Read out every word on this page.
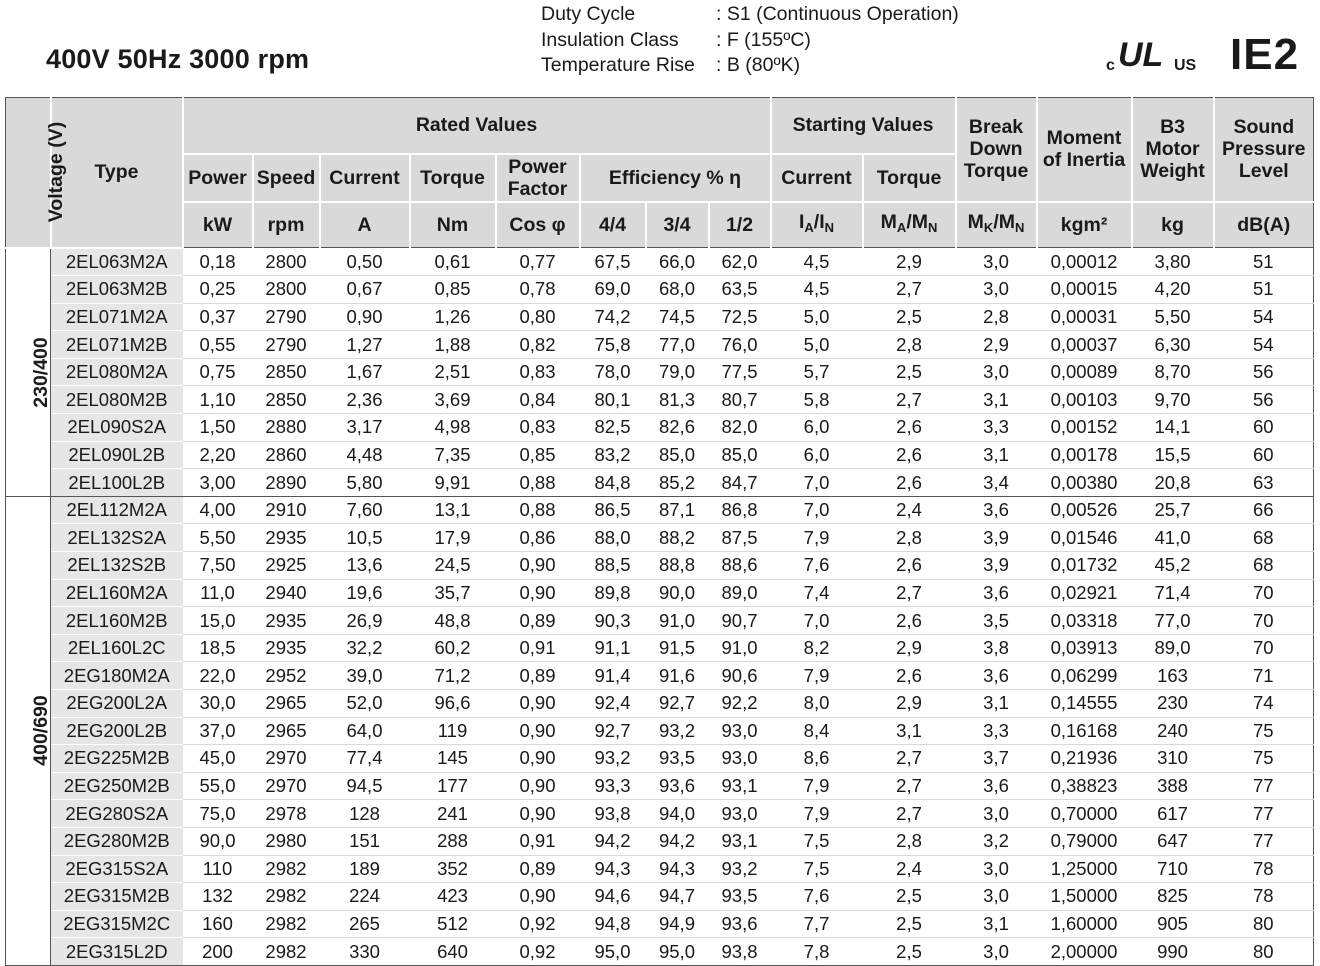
400V 50Hz 3000 rpm
Duty Cycle	: S1 (Continuous Operation)
Insulation Class	: F (155ºC)
Temperature Rise	: B (80ºK)	c UL US IE2
Voltage (V)	Type	Rated Values								Starting Values		Break Down Torque	Moment of Inertia	B3 Motor Weight	Sound Pressure Level
		Power	Speed	Current	Torque	Power Factor	Efficiency % η			Current	Torque				
		kW	rpm	A	Nm	Cos φ	4/4	3/4	1/2	$I_A/I_N$	$M_A/M_N$	$M_K/M_N$	kgm²	kg	dB(A)
230/400	2EL063M2A	0,18	2800	0,50	0,61	0,77	67,5	66,0	62,0	4,5	2,9	3,0	0,00012	3,80	51
	2EL063M2B	0,25	2800	0,67	0,85	0,78	69,0	68,0	63,5	4,5	2,7	3,0	0,00015	4,20	51
	2EL071M2A	0,37	2790	0,90	1,26	0,80	74,2	74,5	72,5	5,0	2,5	2,8	0,00031	5,50	54
	2EL071M2B	0,55	2790	1,27	1,88	0,82	75,8	77,0	76,0	5,0	2,8	2,9	0,00037	6,30	54
	2EL080M2A	0,75	2850	1,67	2,51	0,83	78,0	79,0	77,5	5,7	2,5	3,0	0,00089	8,70	56
	2EL080M2B	1,10	2850	2,36	3,69	0,84	80,1	81,3	80,7	5,8	2,7	3,1	0,00103	9,70	56
	2EL090S2A	1,50	2880	3,17	4,98	0,83	82,5	82,6	82,0	6,0	2,6	3,3	0,00152	14,1	60
	2EL090L2B	2,20	2860	4,48	7,35	0,85	83,2	85,0	85,0	6,0	2,6	3,1	0,00178	15,5	60
	2EL100L2B	3,00	2890	5,80	9,91	0,88	84,8	85,2	84,7	7,0	2,6	3,4	0,00380	20,8	63
400/690	2EL112M2A	4,00	2910	7,60	13,1	0,88	86,5	87,1	86,8	7,0	2,4	3,6	0,00526	25,7	66
	2EL132S2A	5,50	2935	10,5	17,9	0,86	88,0	88,2	87,5	7,9	2,8	3,9	0,01546	41,0	68
	2EL132S2B	7,50	2925	13,6	24,5	0,90	88,5	88,8	88,6	7,6	2,6	3,9	0,01732	45,2	68
	2EL160M2A	11,0	2940	19,6	35,7	0,90	89,8	90,0	89,0	7,4	2,7	3,6	0,02921	71,4	70
	2EL160M2B	15,0	2935	26,9	48,8	0,89	90,3	91,0	90,7	7,0	2,6	3,5	0,03318	77,0	70
	2EL160L2C	18,5	2935	32,2	60,2	0,91	91,1	91,5	91,0	8,2	2,9	3,8	0,03913	89,0	70
	2EG180M2A	22,0	2952	39,0	71,2	0,89	91,4	91,6	90,6	7,9	2,6	3,6	0,06299	163	71
	2EG200L2A	30,0	2965	52,0	96,6	0,90	92,4	92,7	92,2	8,0	2,9	3,1	0,14555	230	74
	2EG200L2B	37,0	2965	64,0	119	0,90	92,7	93,2	93,0	8,4	3,1	3,3	0,16168	240	75
	2EG225M2B	45,0	2970	77,4	145	0,90	93,2	93,5	93,0	8,6	2,7	3,7	0,21936	310	75
	2EG250M2B	55,0	2970	94,5	177	0,90	93,3	93,6	93,1	7,9	2,7	3,6	0,38823	388	77
	2EG280S2A	75,0	2978	128	241	0,90	93,8	94,0	93,0	7,9	2,7	3,0	0,70000	617	77
	2EG280M2B	90,0	2980	151	288	0,91	94,2	94,2	93,1	7,5	2,8	3,2	0,79000	647	77
	2EG315S2A	110	2982	189	352	0,89	94,3	94,3	93,2	7,5	2,4	3,0	1,25000	710	78
	2EG315M2B	132	2982	224	423	0,90	94,6	94,7	93,5	7,6	2,5	3,0	1,50000	825	78
	2EG315M2C	160	2982	265	512	0,92	94,8	94,9	93,6	7,7	2,5	3,1	1,60000	905	80
	2EG315L2D	200	2982	330	640	0,92	95,0	95,0	93,8	7,8	2,5	3,0	2,00000	990	80
